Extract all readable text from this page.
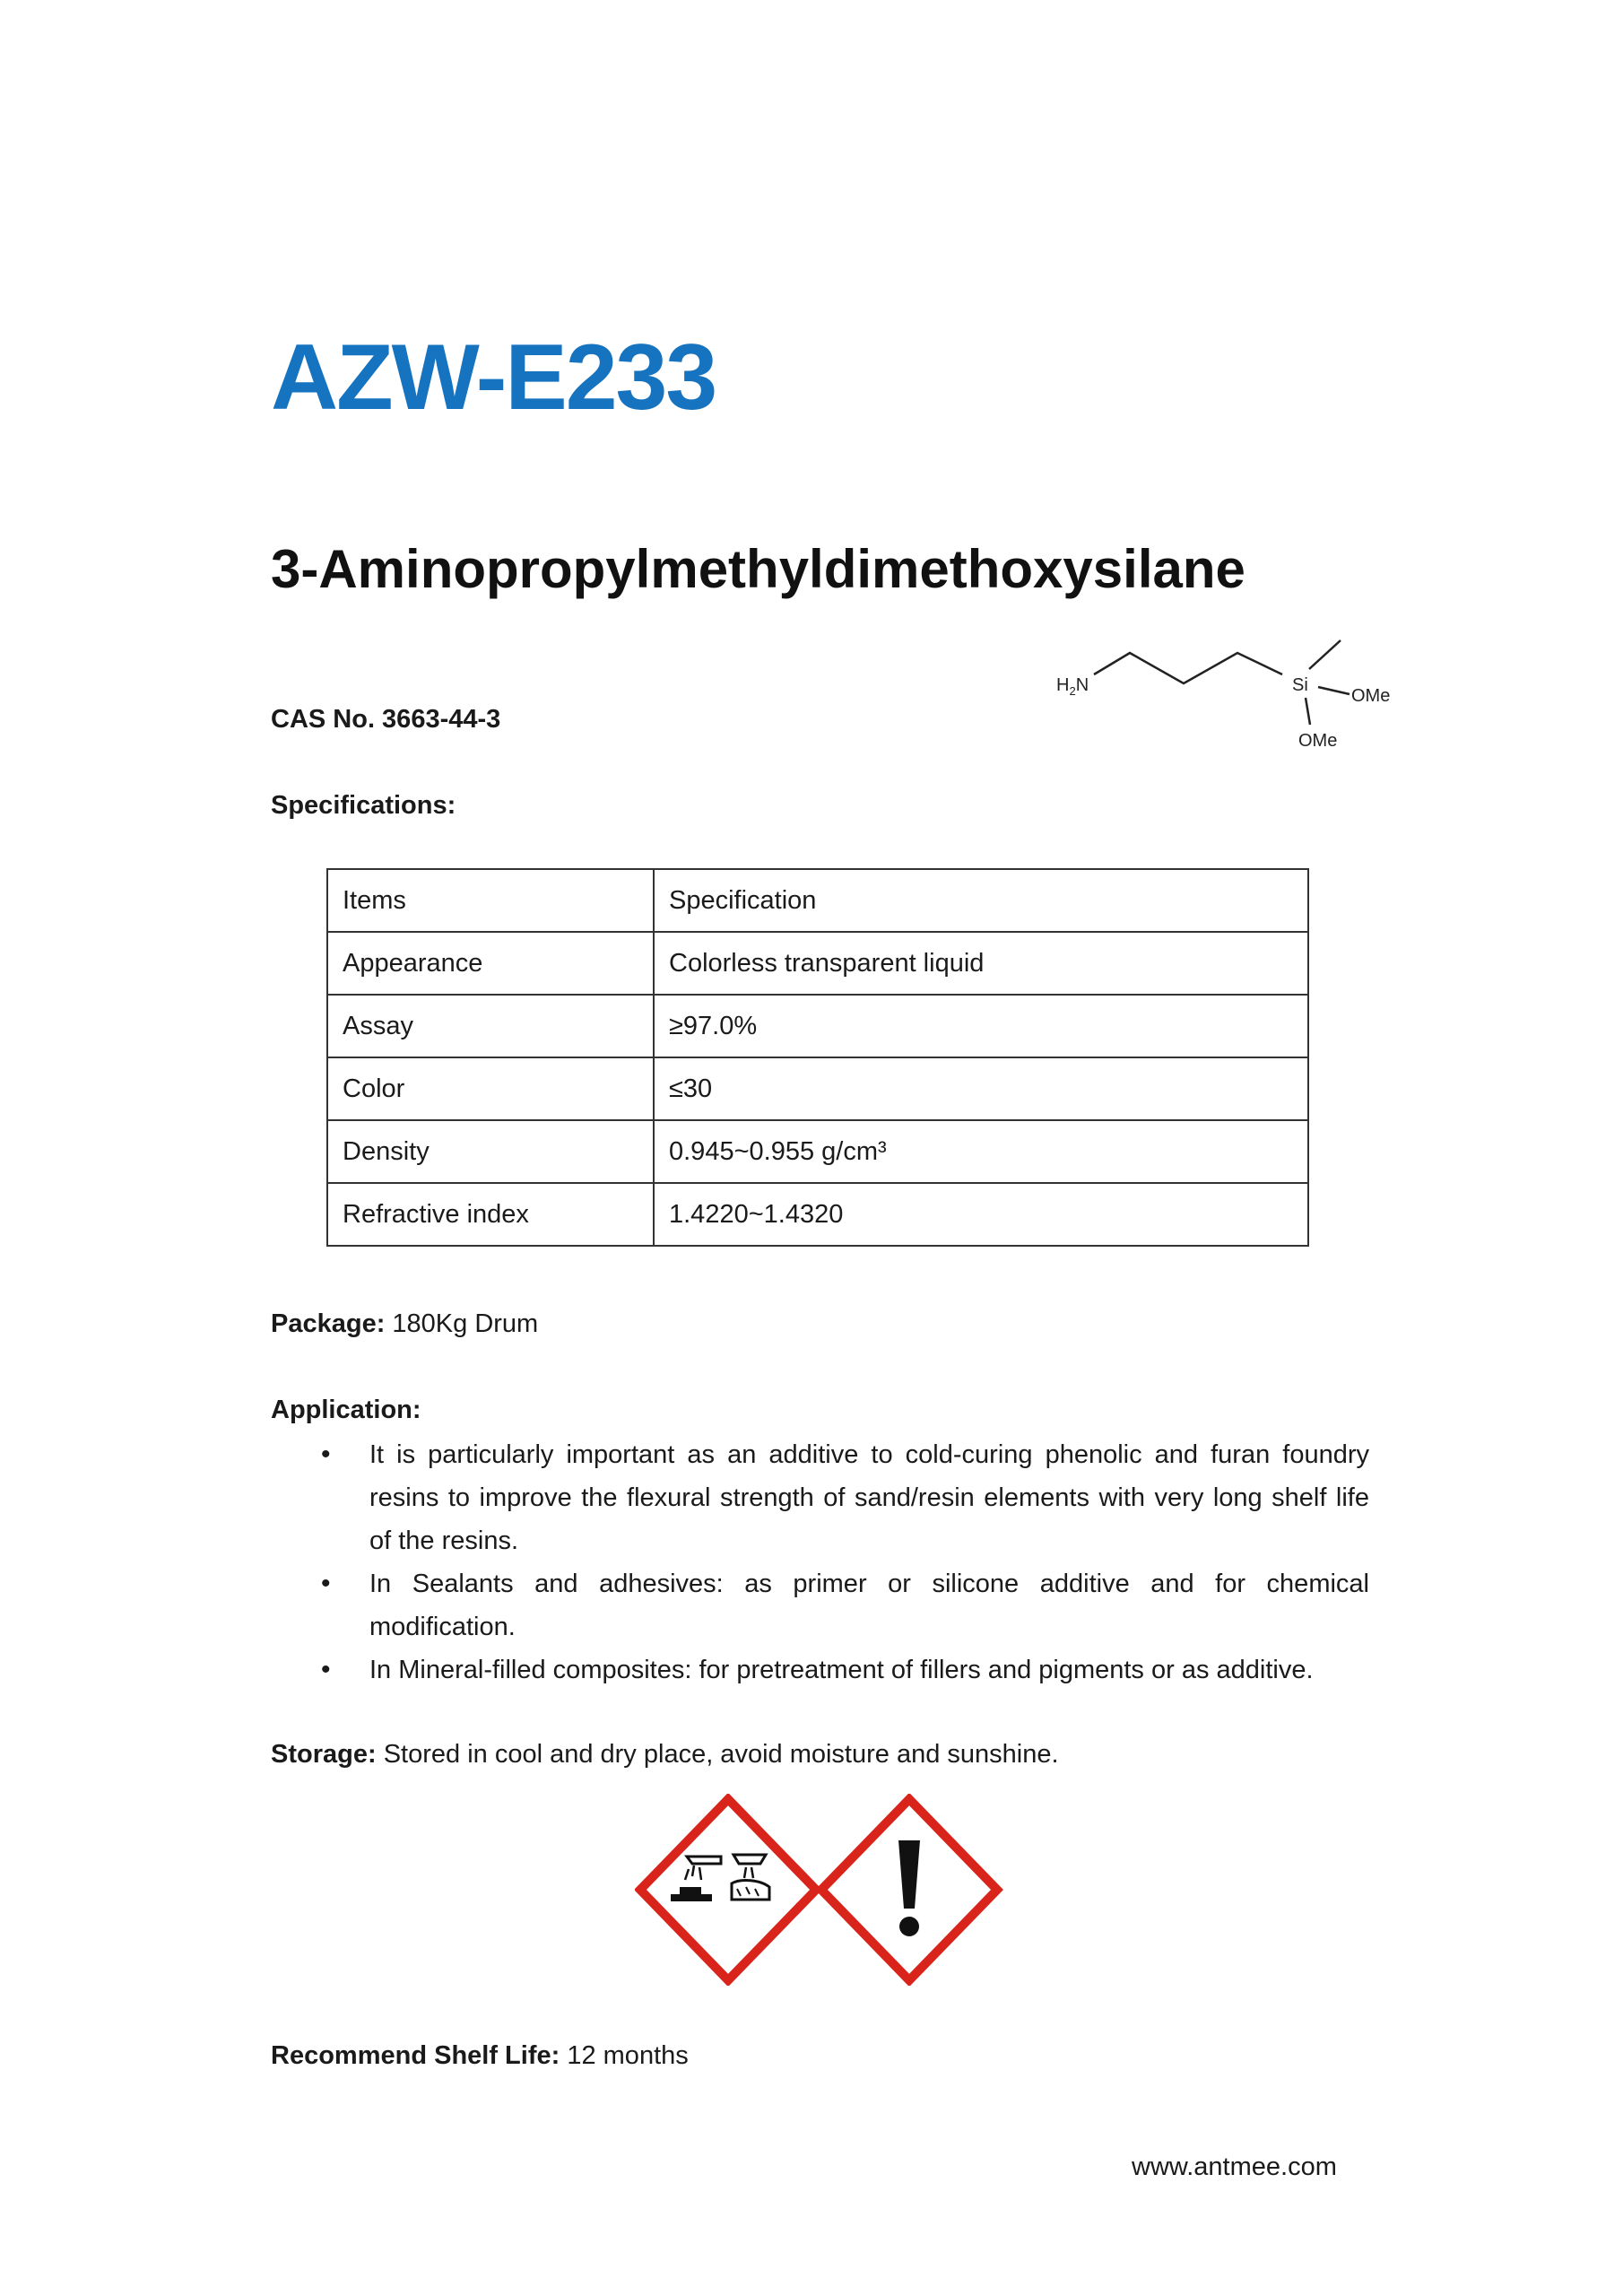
AZW-E233
3-Aminopropylmethyldimethoxysilane
$H_2N$	Si
OMe
OMe
CAS No. 3663-44-3
Specifications:
Items	Specification
Appearance	Colorless transparent liquid
Assay	≥97.0%
Color	≤30
Density	0.945~0.955 g/cm³
Refractive index	1.4220~1.4320
Package: 180Kg Drum
Application:
• It is particularly important as an additive to cold-curing phenolic and furan foundry resins to improve the flexural strength of sand/resin elements with very long shelf life of the resins.
• In Sealants and adhesives: as primer or silicone additive and for chemical modification.
• In Mineral-filled composites: for pretreatment of fillers and pigments or as additive.
Storage: Stored in cool and dry place, avoid moisture and sunshine.
Recommend Shelf Life: 12 months
www.antmee.com
